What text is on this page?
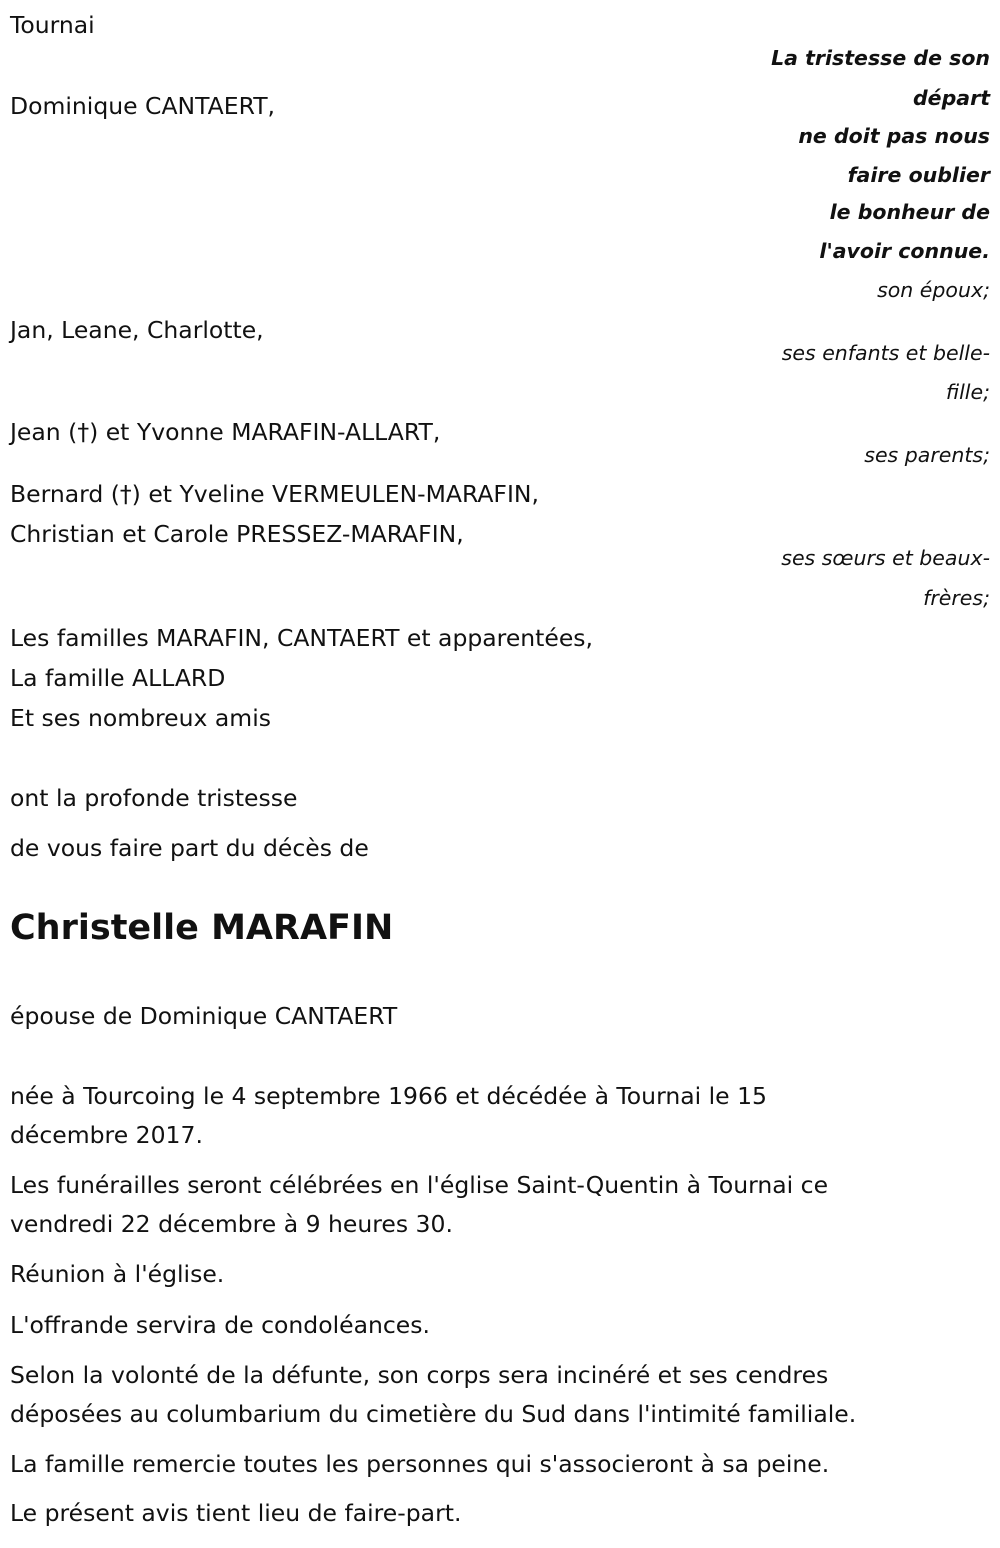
Tournai
La tristesse de son
départ
ne doit pas nous
faire oublier
le bonheur de
l'avoir connue.
Dominique CANTAERT,
son époux;
Jan, Leane, Charlotte,
ses enfants et belle-
fille;
Jean (†) et Yvonne MARAFIN-ALLART,
ses parents;
Bernard (†) et Yveline VERMEULEN-MARAFIN,
Christian et Carole PRESSEZ-MARAFIN,
ses sœurs et beaux-
frères;
Les familles MARAFIN, CANTAERT et apparentées,
La famille ALLARD
Et ses nombreux amis
ont la profonde tristesse
de vous faire part du décès de
Christelle MARAFIN
épouse de Dominique CANTAERT
née à Tourcoing le 4 septembre 1966 et décédée à Tournai le 15
décembre 2017.
Les funérailles seront célébrées en l'église Saint-Quentin à Tournai ce
vendredi 22 décembre à 9 heures 30.
Réunion à l'église.
L'offrande servira de condoléances.
Selon la volonté de la défunte, son corps sera incinéré et ses cendres
déposées au columbarium du cimetière du Sud dans l'intimité familiale.
La famille remercie toutes les personnes qui s'associeront à sa peine.
Le présent avis tient lieu de faire-part.
